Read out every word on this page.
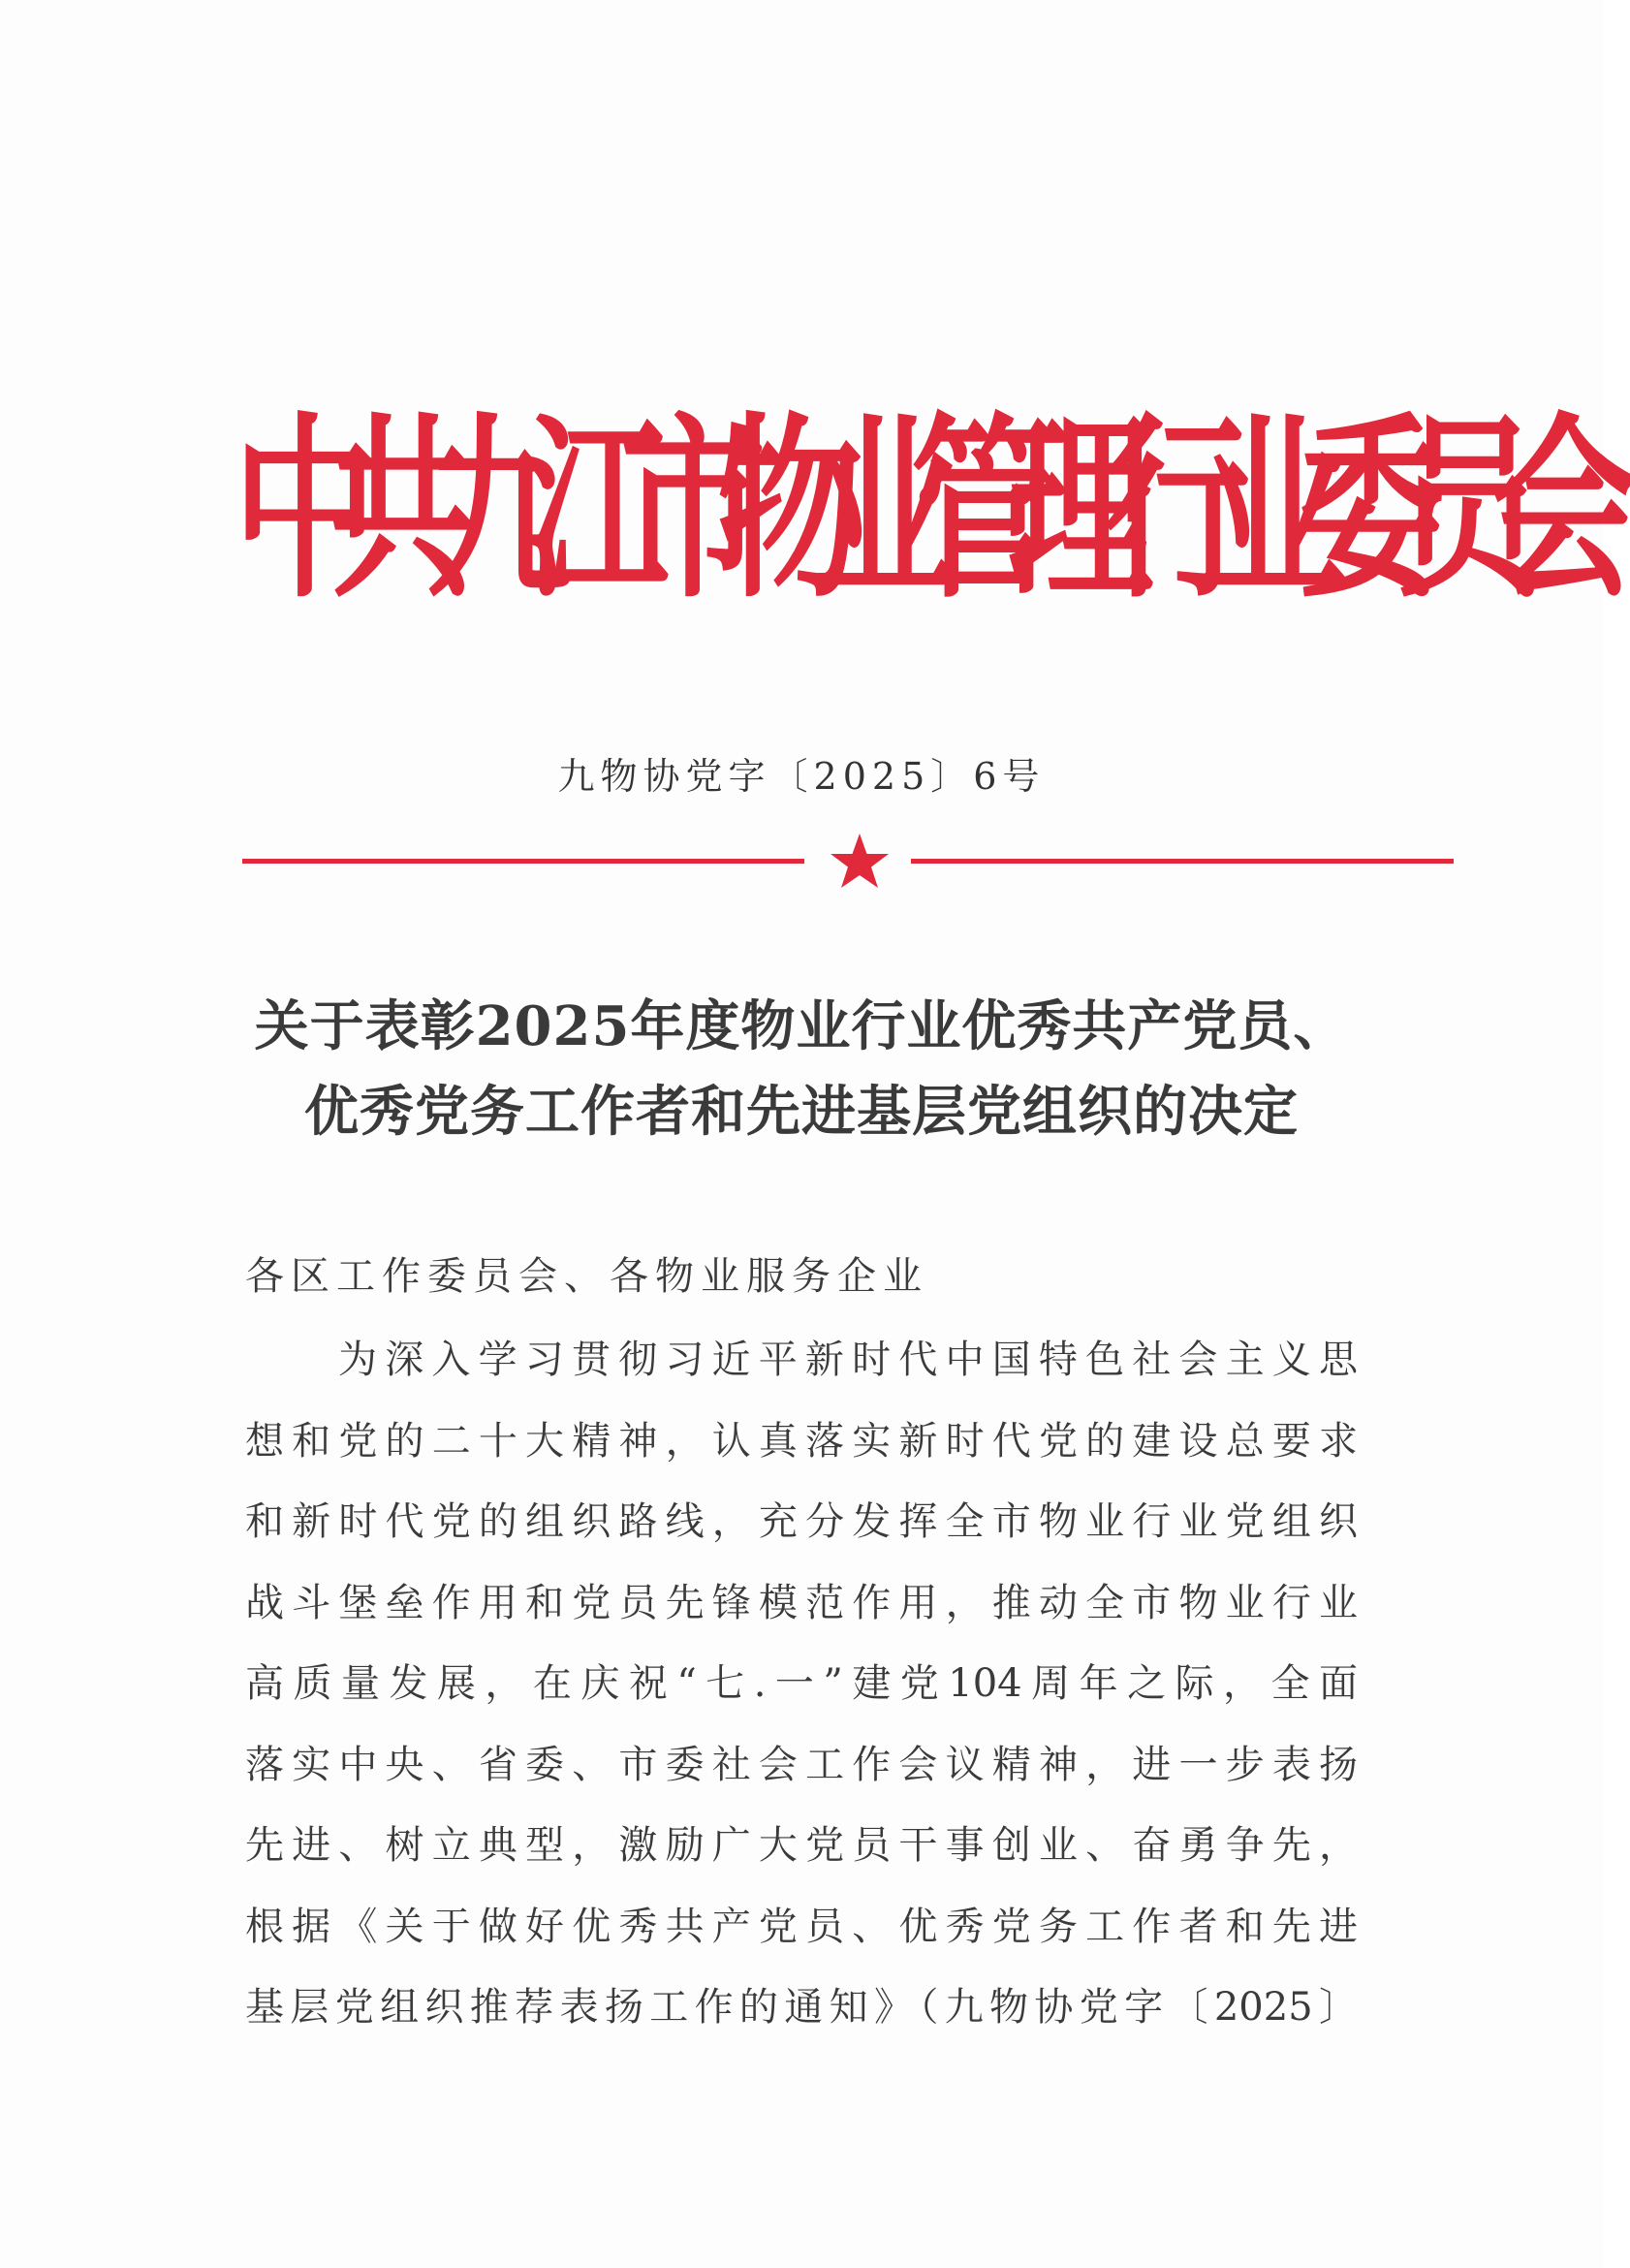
中
共
九
江
市
物
业
管
理
行
业
委
员
会
九物协党字〔2025〕6号
关于表彰2025年度物业行业优秀共产党员、
优秀党务工作者和先进基层党组织的决定
各区工作委员会、各物业服务企业
为深入学习贯彻习近平新时代中国特色社会主义思
想和党的二十大精神，认真落实新时代党的建设总要求
和新时代党的组织路线，充分发挥全市物业行业党组织
战斗堡垒作用和党员先锋模范作用，推动全市物业行业
高质量发展，在庆祝“七.一”建党104周年之际，全面
落实中央、省委、市委社会工作会议精神，进一步表扬
先进、树立典型，激励广大党员干事创业、奋勇争先，
根据《关于做好优秀共产党员、优秀党务工作者和先进
基层党组织推荐表扬工作的通知》（九物协党字〔2025〕
